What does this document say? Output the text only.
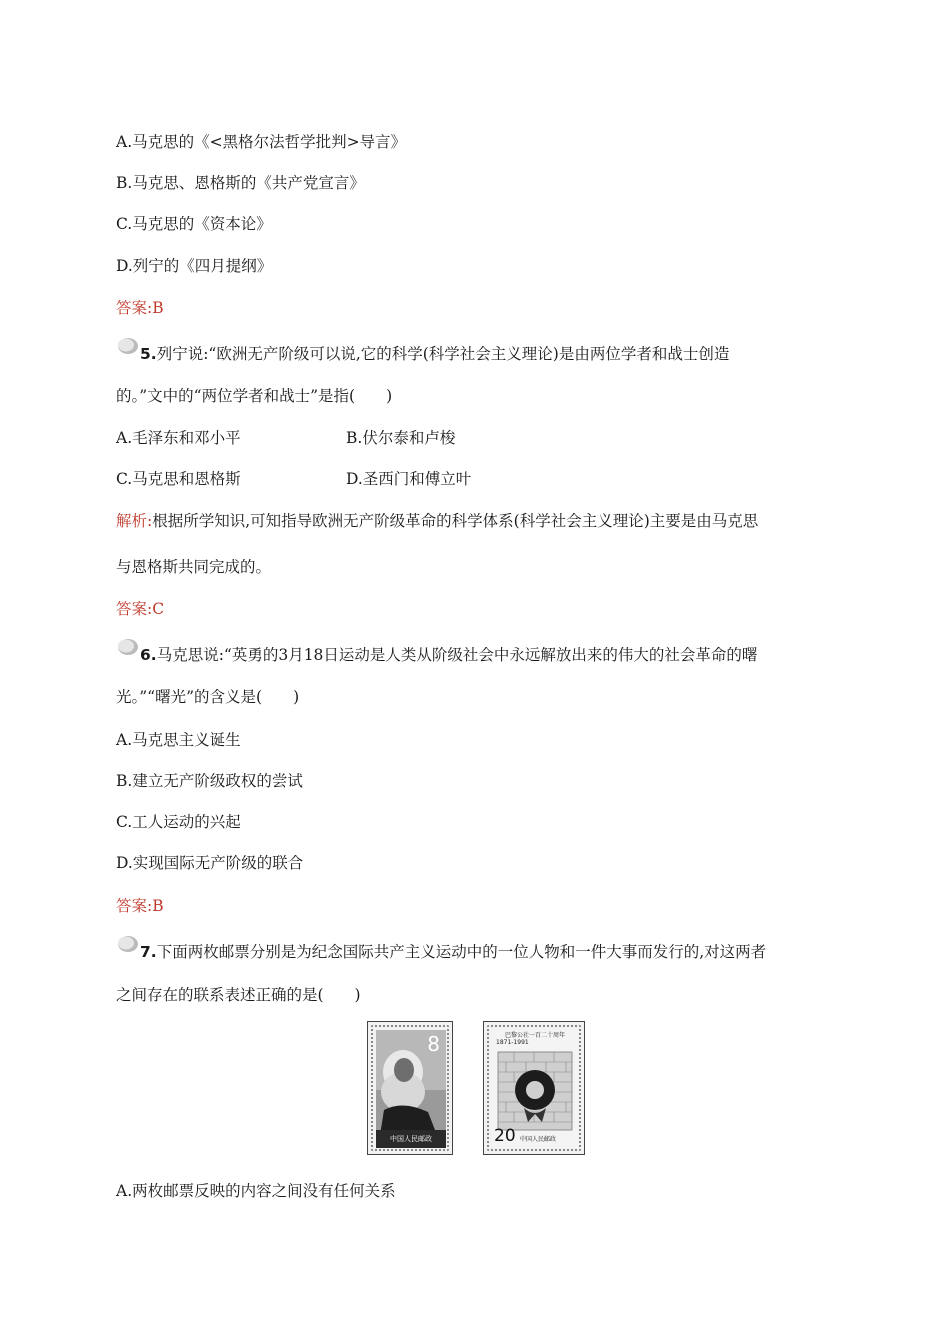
A.马克思的《<黑格尔法哲学批判>导言》
B.马克思、恩格斯的《共产党宣言》
C.马克思的《资本论》
D.列宁的《四月提纲》
答案:B
5.列宁说:“欧洲无产阶级可以说,它的科学(科学社会主义理论)是由两位学者和战士创造
的。”文中的“两位学者和战士”是指(　　)
A.毛泽东和邓小平	B.伏尔泰和卢梭
C.马克思和恩格斯	D.圣西门和傅立叶
解析:根据所学知识,可知指导欧洲无产阶级革命的科学体系(科学社会主义理论)主要是由马克思
与恩格斯共同完成的。
答案:C
6.马克思说:“英勇的3月18日运动是人类从阶级社会中永远解放出来的伟大的社会革命的曙
光。”“曙光”的含义是(　　)
A.马克思主义诞生
B.建立无产阶级政权的尝试
C.工人运动的兴起
D.实现国际无产阶级的联合
答案:B
7.下面两枚邮票分别是为纪念国际共产主义运动中的一位人物和一件大事而发行的,对这两者
之间存在的联系表述正确的是(　　)
8
中国人民邮政
巴黎公社一百二十周年
1871-1991
20 中国人民邮政
A.两枚邮票反映的内容之间没有任何关系
